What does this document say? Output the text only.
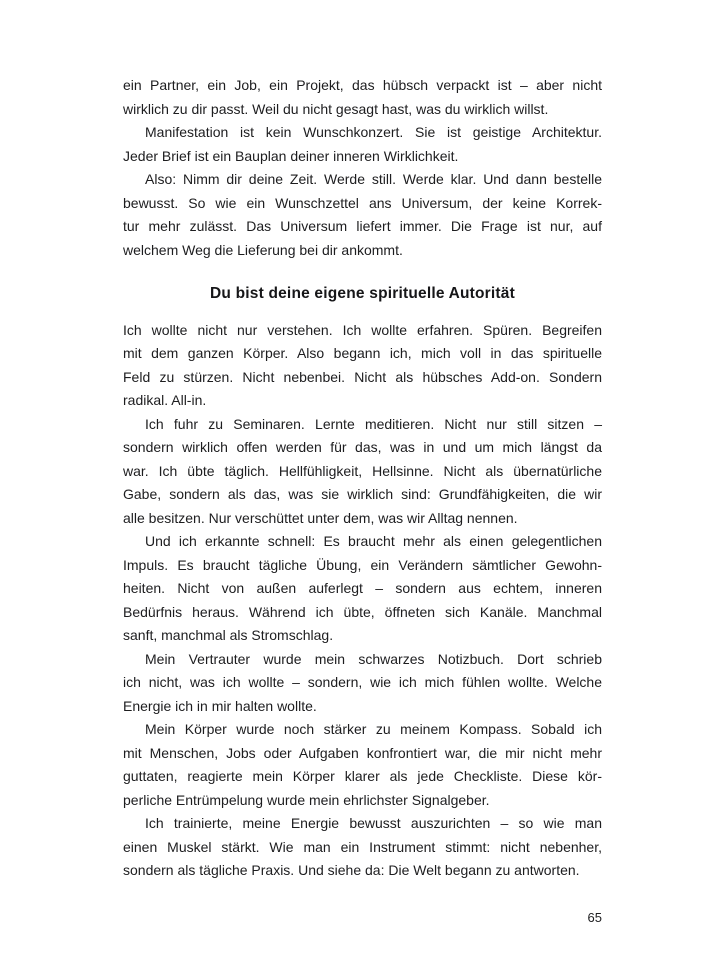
ein Partner, ein Job, ein Projekt, das hübsch verpackt ist – aber nicht
wirklich zu dir passt. Weil du nicht gesagt hast, was du wirklich willst.
Manifestation ist kein Wunschkonzert. Sie ist geistige Architektur.
Jeder Brief ist ein Bauplan deiner inneren Wirklichkeit.
Also: Nimm dir deine Zeit. Werde still. Werde klar. Und dann bestelle
bewusst. So wie ein Wunschzettel ans Universum, der keine Korrek-
tur mehr zulässt. Das Universum liefert immer. Die Frage ist nur, auf
welchem Weg die Lieferung bei dir ankommt.
Du bist deine eigene spirituelle Autorität
Ich wollte nicht nur verstehen. Ich wollte erfahren. Spüren. Begreifen
mit dem ganzen Körper. Also begann ich, mich voll in das spirituelle
Feld zu stürzen. Nicht nebenbei. Nicht als hübsches Add-on. Sondern
radikal. All-in.
Ich fuhr zu Seminaren. Lernte meditieren. Nicht nur still sitzen –
sondern wirklich offen werden für das, was in und um mich längst da
war. Ich übte täglich. Hellfühligkeit, Hellsinne. Nicht als übernatürliche
Gabe, sondern als das, was sie wirklich sind: Grundfähigkeiten, die wir
alle besitzen. Nur verschüttet unter dem, was wir Alltag nennen.
Und ich erkannte schnell: Es braucht mehr als einen gelegentlichen
Impuls. Es braucht tägliche Übung, ein Verändern sämtlicher Gewohn-
heiten. Nicht von außen auferlegt – sondern aus echtem, inneren
Bedürfnis heraus. Während ich übte, öffneten sich Kanäle. Manchmal
sanft, manchmal als Stromschlag.
Mein Vertrauter wurde mein schwarzes Notizbuch. Dort schrieb
ich nicht, was ich wollte – sondern, wie ich mich fühlen wollte. Welche
Energie ich in mir halten wollte.
Mein Körper wurde noch stärker zu meinem Kompass. Sobald ich
mit Menschen, Jobs oder Aufgaben konfrontiert war, die mir nicht mehr
guttaten, reagierte mein Körper klarer als jede Checkliste. Diese kör-
perliche Entrümpelung wurde mein ehrlichster Signalgeber.
Ich trainierte, meine Energie bewusst auszurichten – so wie man
einen Muskel stärkt. Wie man ein Instrument stimmt: nicht nebenher,
sondern als tägliche Praxis. Und siehe da: Die Welt begann zu antworten.
65
